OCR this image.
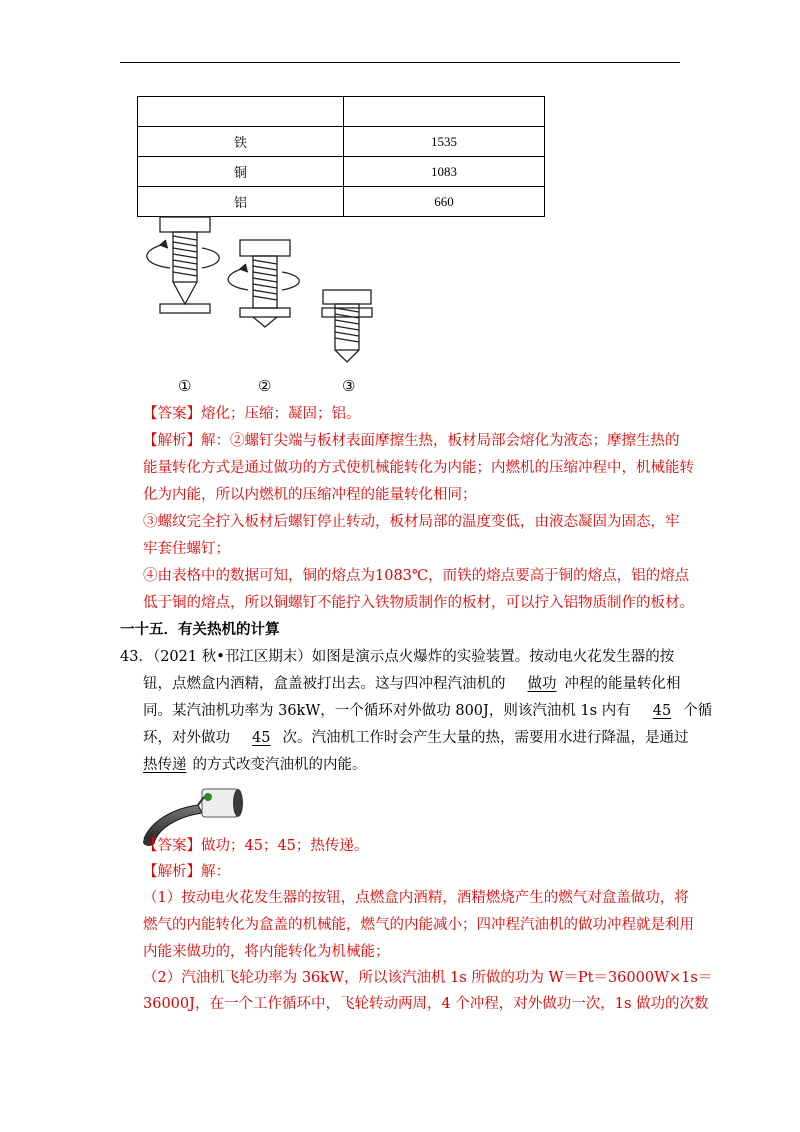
铁	1535
铜	1083
铝	660
①	②	③
【答案】熔化；压缩；凝固；铝。
【解析】解：②螺钉尖端与板材表面摩擦生热，板材局部会熔化为液态；摩擦生热的
能量转化方式是通过做功的方式使机械能转化为内能；内燃机的压缩冲程中，机械能转
化为内能，所以内燃机的压缩冲程的能量转化相同；
③螺纹完全拧入板材后螺钉停止转动，板材局部的温度变低，由液态凝固为固态，牢
牢套住螺钉；
④由表格中的数据可知，铜的熔点为1083℃，而铁的熔点要高于铜的熔点，铝的熔点
低于铜的熔点，所以铜螺钉不能拧入铁物质制作的板材，可以拧入铝物质制作的板材。
一十五．有关热机的计算
43．（2021 秋•邗江区期末）如图是演示点火爆炸的实验装置。按动电火花发生器的按
钮，点燃盒内酒精，盒盖被打出去。这与四冲程汽油机的 做功 冲程的能量转化相
同。某汽油机功率为 36kW，一个循环对外做功 800J，则该汽油机 1s 内有 45 个循
环，对外做功 45 次。汽油机工作时会产生大量的热，需要用水进行降温，是通过
热传递 的方式改变汽油机的内能。
【答案】做功；45；45；热传递。
【解析】解：
（1）按动电火花发生器的按钮，点燃盒内酒精，酒精燃烧产生的燃气对盒盖做功，将
燃气的内能转化为盒盖的机械能，燃气的内能减小；四冲程汽油机的做功冲程就是利用
内能来做功的，将内能转化为机械能；
（2）汽油机飞轮功率为 36kW，所以该汽油机 1s 所做的功为 W＝Pt＝36000W×1s＝
36000J，在一个工作循环中，飞轮转动两周，4 个冲程，对外做功一次，1s 做功的次数
